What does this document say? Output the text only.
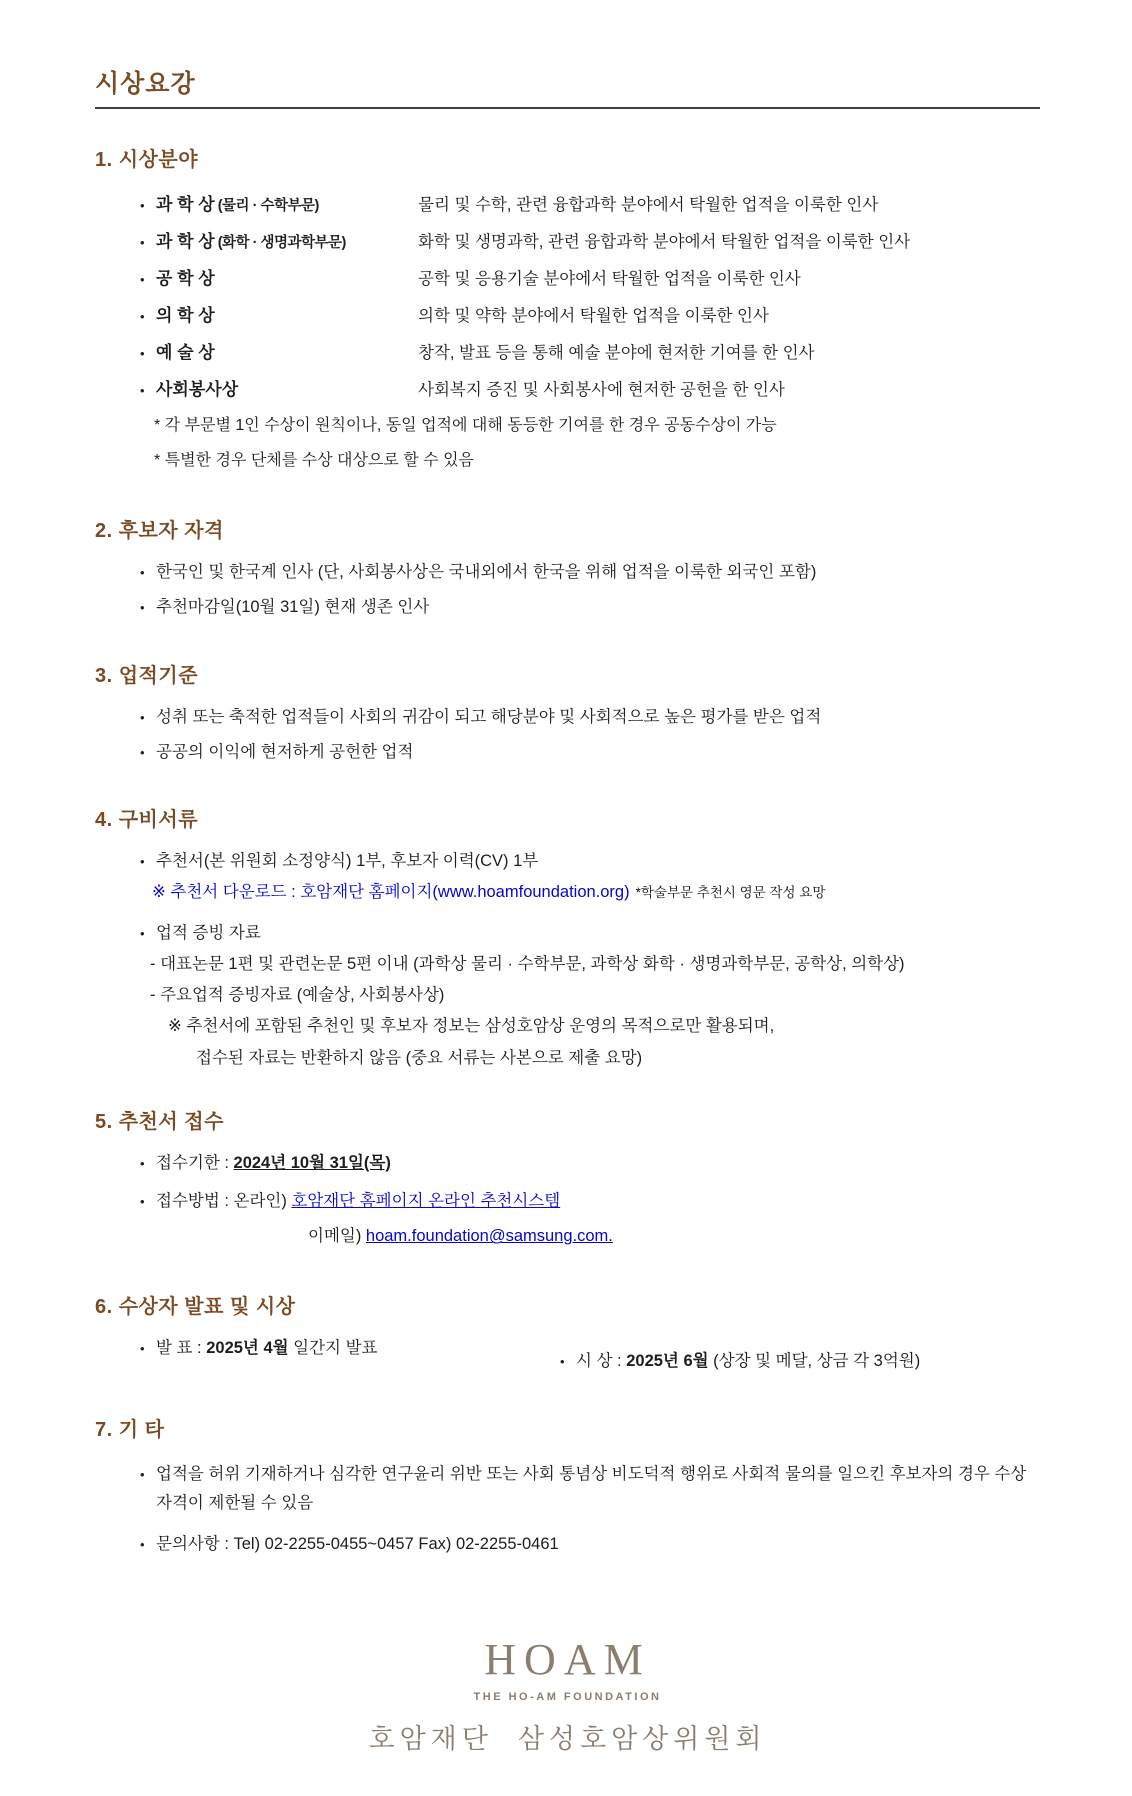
시상요강
1. 시상분야
•
과 학 상 (물리 · 수학부문)	물리 및 수학, 관련 융합과학 분야에서 탁월한 업적을 이룩한 인사
•
과 학 상 (화학 · 생명과학부문)	화학 및 생명과학, 관련 융합과학 분야에서 탁월한 업적을 이룩한 인사
•
공 학 상	공학 및 응용기술 분야에서 탁월한 업적을 이룩한 인사
•
의 학 상	의학 및 약학 분야에서 탁월한 업적을 이룩한 인사
•
예 술 상	창작, 발표 등을 통해 예술 분야에 현저한 기여를 한 인사
•
사회봉사상	사회복지 증진 및 사회봉사에 현저한 공헌을 한 인사
* 각 부문별 1인 수상이 원칙이나, 동일 업적에 대해 동등한 기여를 한 경우 공동수상이 가능
* 특별한 경우 단체를 수상 대상으로 할 수 있음
2. 후보자 자격
•
한국인 및 한국계 인사 (단, 사회봉사상은 국내외에서 한국을 위해 업적을 이룩한 외국인 포함)
•
추천마감일(10월 31일) 현재 생존 인사
3. 업적기준
•
성취 또는 축적한 업적들이 사회의 귀감이 되고 해당분야 및 사회적으로 높은 평가를 받은 업적
•
공공의 이익에 현저하게 공헌한 업적
4. 구비서류
•
추천서(본 위원회 소정양식) 1부, 후보자 이력(CV) 1부
※ 추천서 다운로드 : 호암재단 홈페이지(www.hoamfoundation.org) *학술부문 추천시 영문 작성 요망
•
업적 증빙 자료
- 대표논문 1편 및 관련논문 5편 이내 (과학상 물리 · 수학부문, 과학상 화학 · 생명과학부문, 공학상, 의학상)
- 주요업적 증빙자료 (예술상, 사회봉사상)
※ 추천서에 포함된 추천인 및 후보자 정보는 삼성호암상 운영의 목적으로만 활용되며,
접수된 자료는 반환하지 않음 (중요 서류는 사본으로 제출 요망)
5. 추천서 접수
•
접수기한 : 2024년 10월 31일(목)
•
접수방법 : 온라인) 호암재단 홈페이지 온라인 추천시스템
이메일) hoam.foundation@samsung.com.
6. 수상자 발표 및 시상
•
발 표 : 2025년 4월 일간지 발표
•
시 상 : 2025년 6월 (상장 및 메달, 상금 각 3억원)
7. 기 타
•
업적을 허위 기재하거나 심각한 연구윤리 위반 또는 사회 통념상 비도덕적 행위로 사회적 물의를 일으킨 후보자의 경우 수상 자격이 제한될 수 있음
•
문의사항 : Tel) 02-2255-0455~0457 Fax) 02-2255-0461
HOAM
THE HO-AM FOUNDATION
호암재단  삼성호암상위원회
